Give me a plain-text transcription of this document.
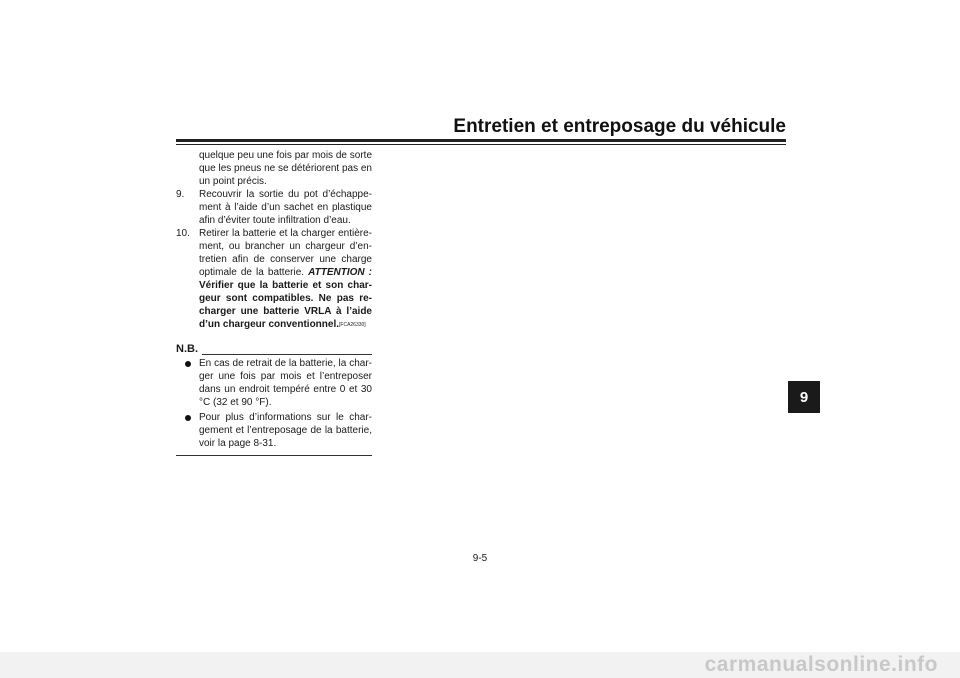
Entretien et entreposage du véhicule
quelque peu une fois par mois de sorte que les pneus ne se détériorent pas en un point précis.
9.	Recouvrir la sortie du pot d’échappement à l’aide d’un sachet en plastique afin d’éviter toute infiltration d’eau.
10. Retirer la batterie et la charger entièrement, ou brancher un chargeur d’entretien afin de conserver une charge optimale de la batterie. ATTENTION : Vérifier que la batterie et son chargeur sont compatibles. Ne pas recharger une batterie VRLA à l’aide d’un chargeur conventionnel.[FCA26330]
N.B.
En cas de retrait de la batterie, la charger une fois par mois et l’entreposer dans un endroit tempéré entre 0 et 30 °C (32 et 90 °F).
Pour plus d’informations sur le chargement et l’entreposage de la batterie, voir la page 8-31.
9
9-5
carmanualsonline.info
